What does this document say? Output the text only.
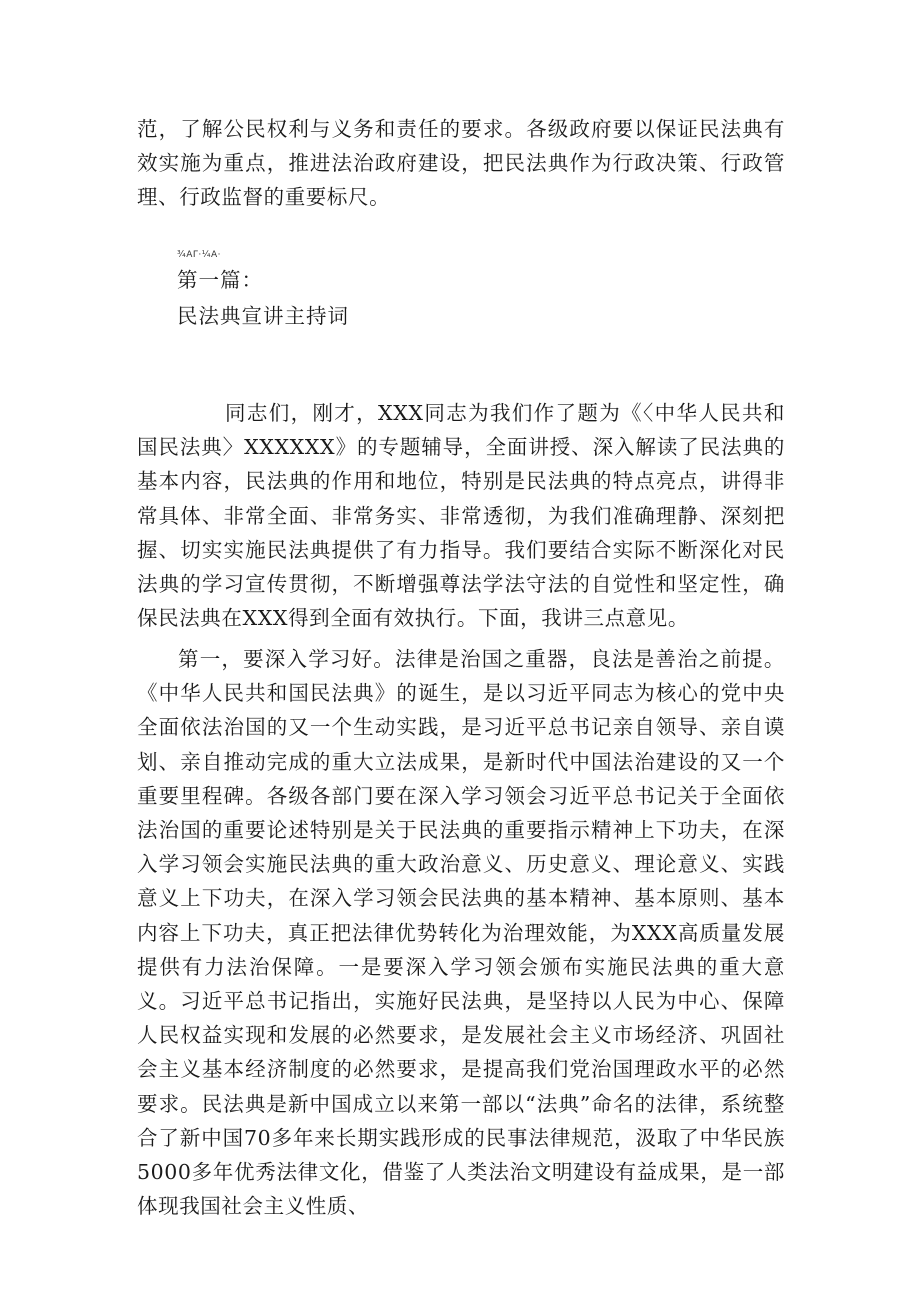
范，了解公民权利与义务和责任的要求。各级政府要以保证民法典有效实施为重点，推进法治政府建设，把民法典作为行政决策、行政管理、行政监督的重要标尺。

¾AΓ·¼A·
第一篇：
民法典宣讲主持词

同志们，刚才，XXX同志为我们作了题为《〈中华人民共和国民法典〉XXXXXX》的专题辅导，全面讲授、深入解读了民法典的基本内容，民法典的作用和地位，特别是民法典的特点亮点，讲得非常具体、非常全面、非常务实、非常透彻，为我们准确理静、深刻把握、切实实施民法典提供了有力指导。我们要结合实际不断深化对民法典的学习宣传贯彻，不断增强尊法学法守法的自觉性和坚定性，确保民法典在XXX得到全面有效执行。下面，我讲三点意见。

第一，要深入学习好。法律是治国之重器，良法是善治之前提。《中华人民共和国民法典》的诞生，是以习近平同志为核心的党中央全面依法治国的又一个生动实践，是习近平总书记亲自领导、亲自谟划、亲自推动完成的重大立法成果，是新时代中国法治建设的又一个重要里程碑。各级各部门要在深入学习领会习近平总书记关于全面依法治国的重要论述特别是关于民法典的重要指示精神上下功夫，在深入学习领会实施民法典的重大政治意义、历史意义、理论意义、实践意义上下功夫，在深入学习领会民法典的基本精神、基本原则、基本内容上下功夫，真正把法律优势转化为治理效能，为XXX高质量发展提供有力法治保障。一是要深入学习领会颁布实施民法典的重大意义。习近平总书记指出，实施好民法典，是坚持以人民为中心、保障人民权益实现和发展的必然要求，是发展社会主义市场经济、巩固社会主义基本经济制度的必然要求，是提高我们党治国理政水平的必然要求。民法典是新中国成立以来第一部以“法典”命名的法律，系统整合了新中国70多年来长期实践形成的民事法律规范，汲取了中华民族5000多年优秀法律文化，借鉴了人类法治文明建设有益成果，是一部体现我国社会主义性质、
